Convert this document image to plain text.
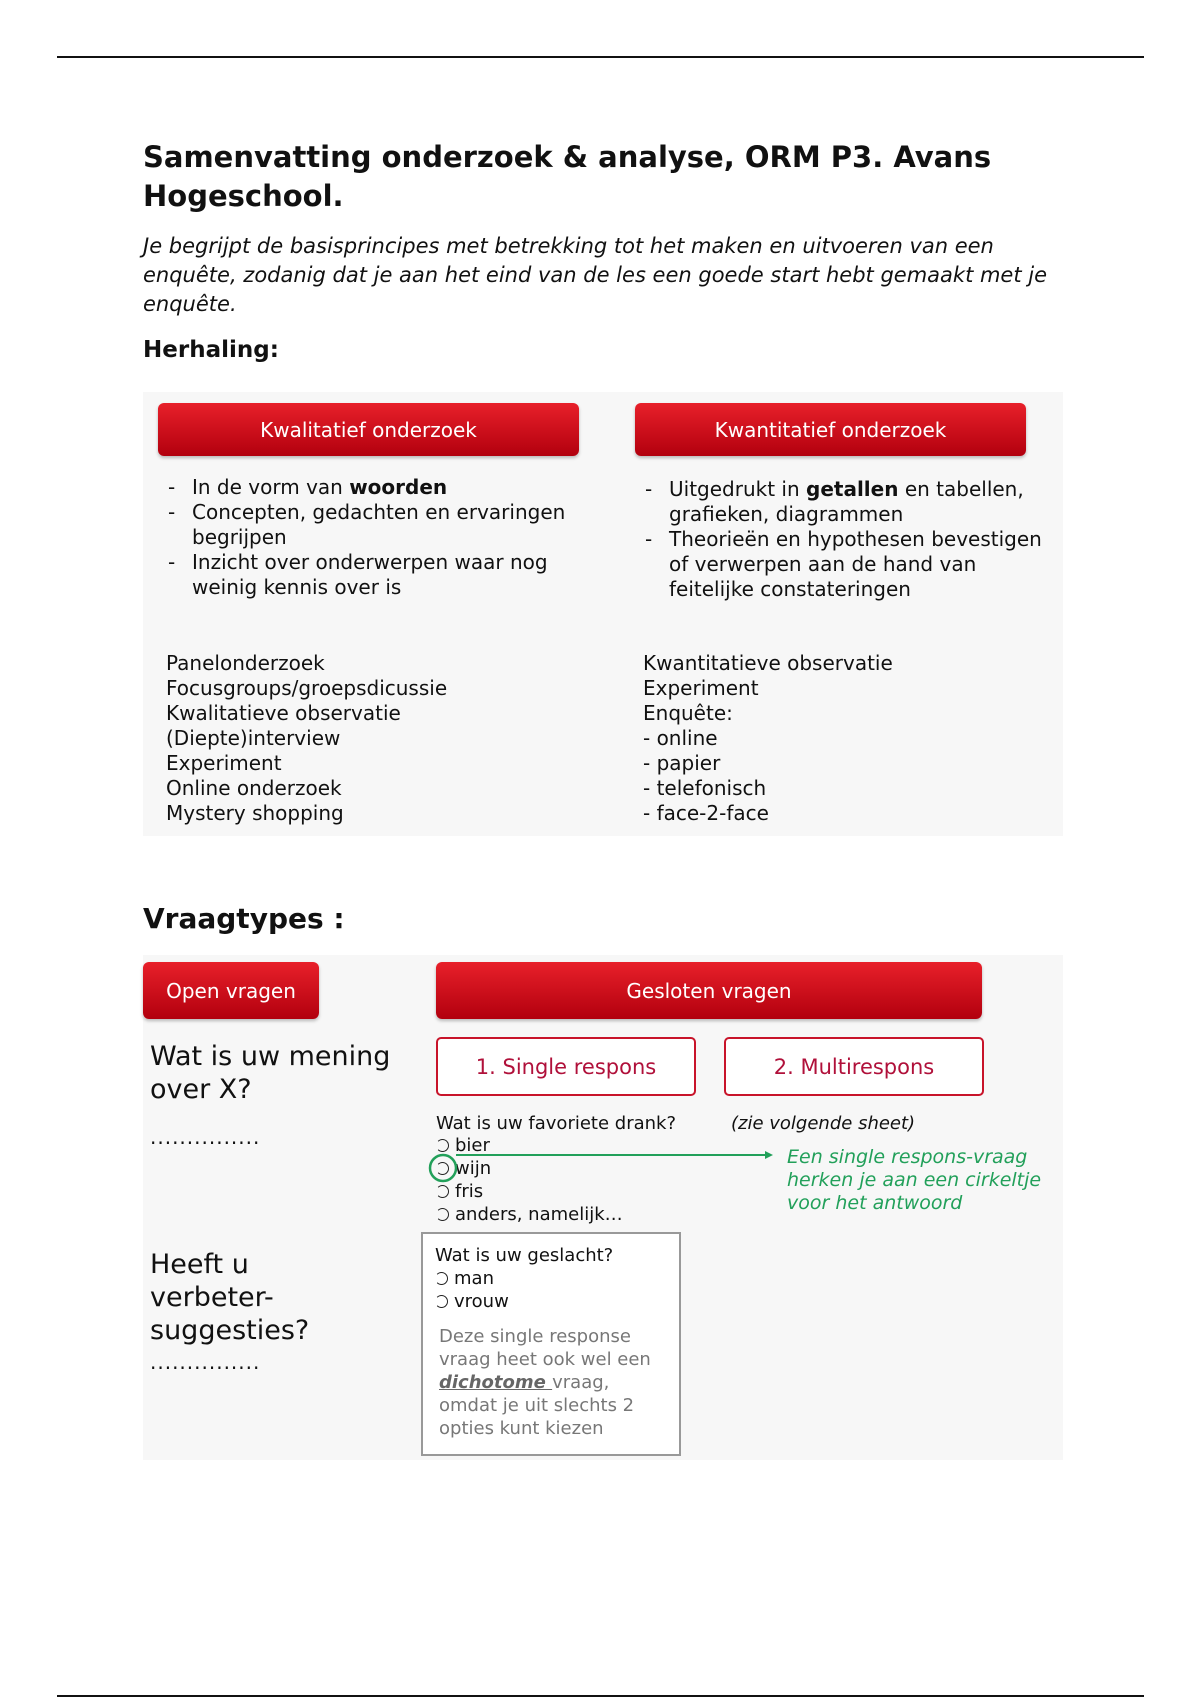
Samenvatting onderzoek & analyse, ORM P3. Avans Hogeschool.

Je begrijpt de basisprincipes met betrekking tot het maken en uitvoeren van een enquête, zodanig dat je aan het eind van de les een goede start hebt gemaakt met je enquête.

Herhaling:
Kwalitatief onderzoek	Kwantitatief onderzoek
- In de vorm van woorden
- Concepten, gedachten en ervaringen begrijpen
- Inzicht over onderwerpen waar nog weinig kennis over is
- Uitgedrukt in getallen en tabellen, grafieken, diagrammen
- Theorieën en hypothesen bevestigen of verwerpen aan de hand van feitelijke constateringen
Panelonderzoek
Focusgroups/groepsdicussie
Kwalitatieve observatie
(Diepte)interview
Experiment
Online onderzoek
Mystery shopping
Kwantitatieve observatie
Experiment
Enquête:
- online
- papier
- telefonisch
- face-2-face
Vraagtypes :
Open vragen	Gesloten vragen
1. Single respons	2. Multirespons

Wat is uw mening over X?

...............

Heeft u verbeter-suggesties?

...............
Wat is uw favoriete drank?	(zie volgende sheet)
bier
wijn
fris
anders, namelijk…
Een single respons-vraag herken je aan een cirkeltje voor het antwoord
Wat is uw geslacht?
man
vrouw
Deze single response vraag heet ook wel een dichotome vraag, omdat je uit slechts 2 opties kunt kiezen
